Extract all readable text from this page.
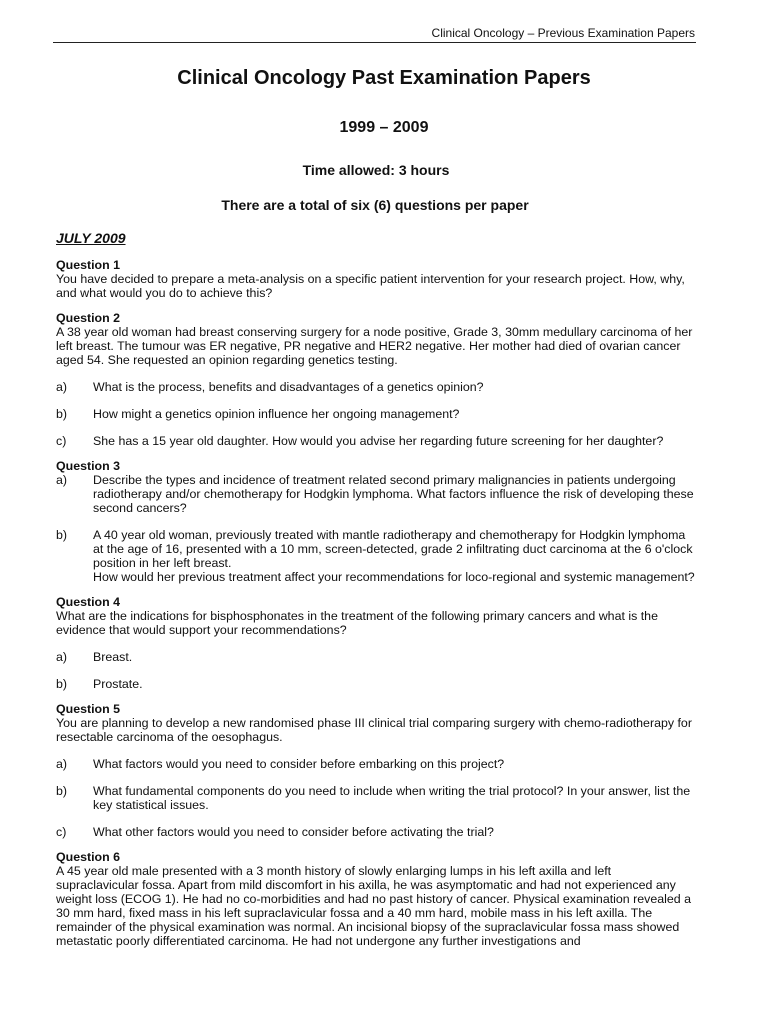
Clinical Oncology – Previous Examination Papers
Clinical Oncology Past Examination Papers
1999 – 2009
Time allowed: 3 hours
There are a total of six (6) questions per paper
JULY 2009
Question 1
You have decided to prepare a meta-analysis on a specific patient intervention for your research project. How, why, and what would you do to achieve this?
Question 2
A 38 year old woman had breast conserving surgery for a node positive, Grade 3, 30mm medullary carcinoma of her left breast. The tumour was ER negative, PR negative and HER2 negative. Her mother had died of ovarian cancer aged 54. She requested an opinion regarding genetics testing.
a)	What is the process, benefits and disadvantages of a genetics opinion?
b)	How might a genetics opinion influence her ongoing management?
c)	She has a 15 year old daughter. How would you advise her regarding future screening for her daughter?
Question 3
a)	Describe the types and incidence of treatment related second primary malignancies in patients undergoing radiotherapy and/or chemotherapy for Hodgkin lymphoma. What factors influence the risk of developing these second cancers?
b)	A 40 year old woman, previously treated with mantle radiotherapy and chemotherapy for Hodgkin lymphoma at the age of 16, presented with a 10 mm, screen-detected, grade 2 infiltrating duct carcinoma at the 6 o'clock position in her left breast.
How would her previous treatment affect your recommendations for loco-regional and systemic management?
Question 4
What are the indications for bisphosphonates in the treatment of the following primary cancers and what is the evidence that would support your recommendations?
a)	Breast.
b)	Prostate.
Question 5
You are planning to develop a new randomised phase III clinical trial comparing surgery with chemo-radiotherapy for resectable carcinoma of the oesophagus.
a)	What factors would you need to consider before embarking on this project?
b)	What fundamental components do you need to include when writing the trial protocol? In your answer, list the key statistical issues.
c)	What other factors would you need to consider before activating the trial?
Question 6
A 45 year old male presented with a 3 month history of slowly enlarging lumps in his left axilla and left supraclavicular fossa. Apart from mild discomfort in his axilla, he was asymptomatic and had not experienced any weight loss (ECOG 1). He had no co-morbidities and had no past history of cancer. Physical examination revealed a 30 mm hard, fixed mass in his left supraclavicular fossa and a 40 mm hard, mobile mass in his left axilla. The remainder of the physical examination was normal. An incisional biopsy of the supraclavicular fossa mass showed metastatic poorly differentiated carcinoma. He had not undergone any further investigations and
